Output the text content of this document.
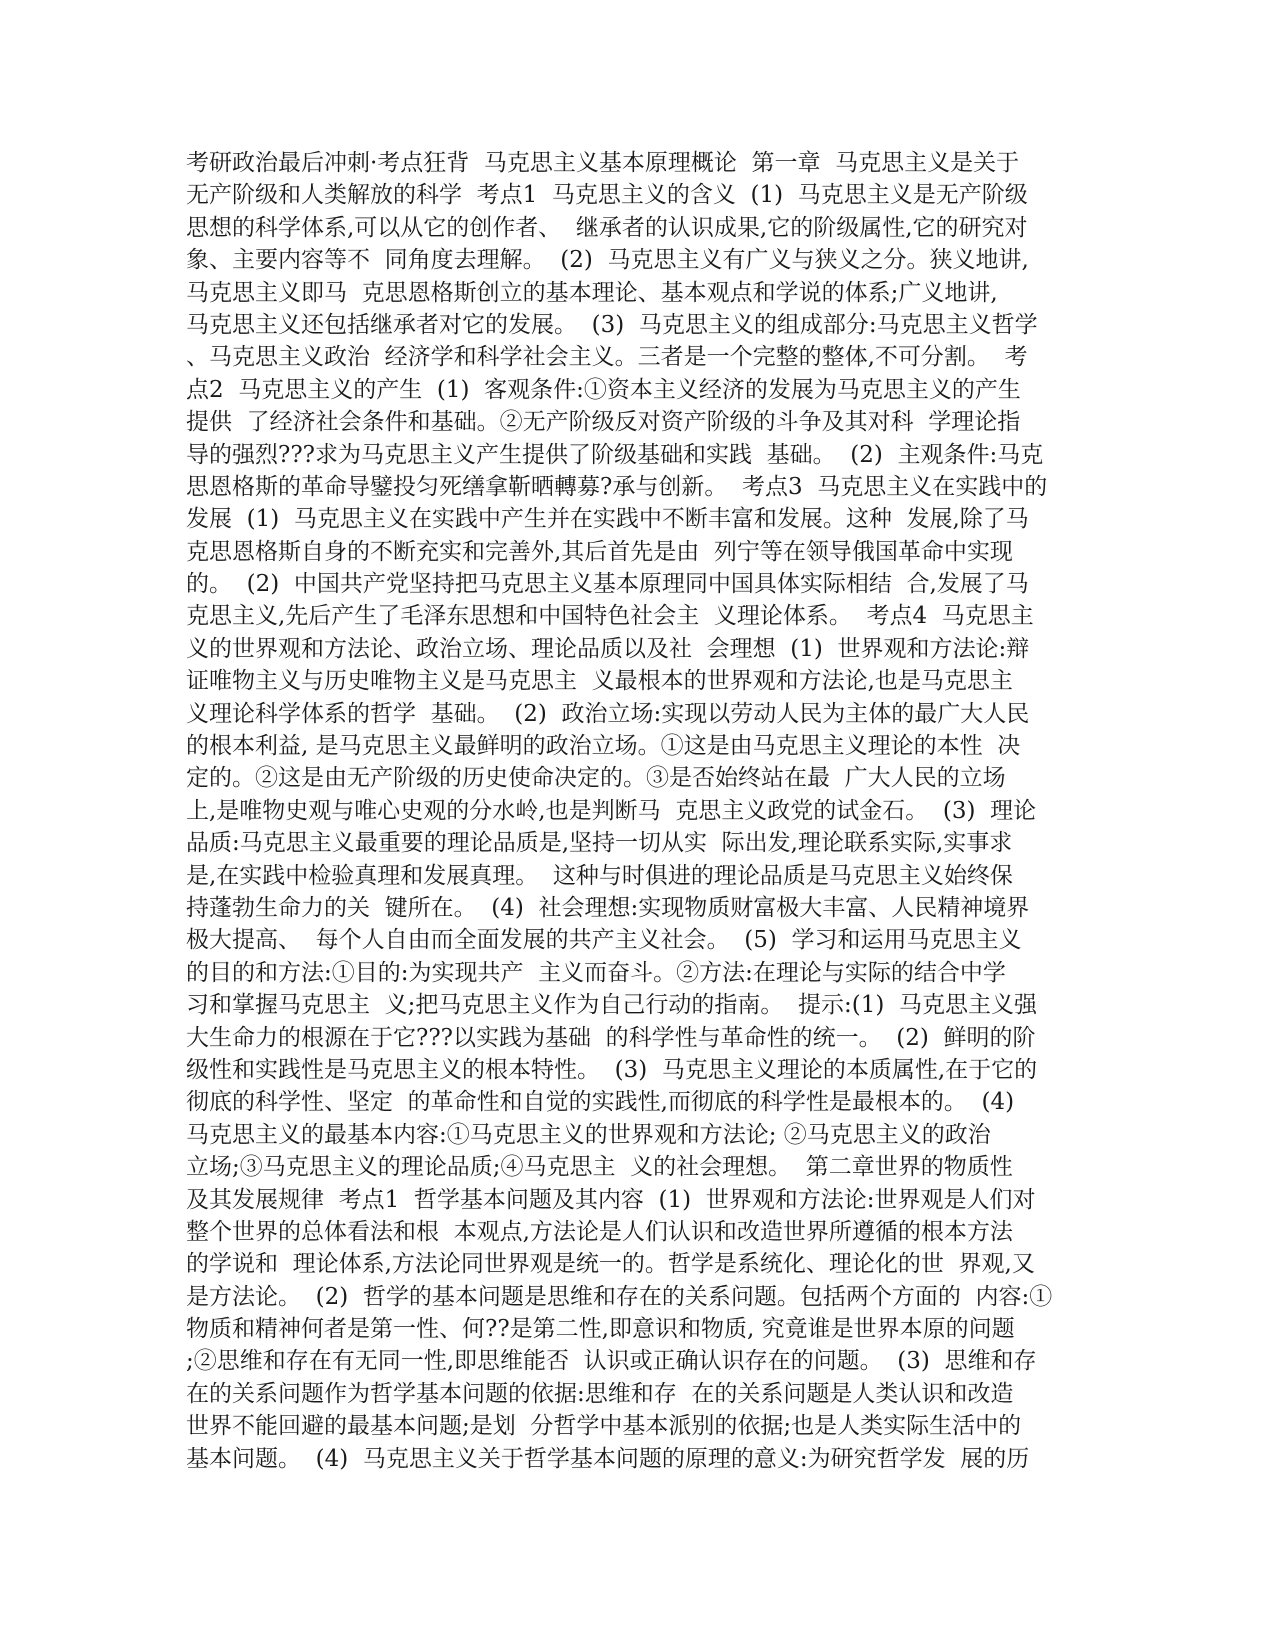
考研政治最后冲刺·考点狂背  马克思主义基本原理概论  第一章  马克思主义是关于
无产阶级和人类解放的科学  考点1  马克思主义的含义  (1)  马克思主义是无产阶级
思想的科学体系,可以从它的创作者、  继承者的认识成果,它的阶级属性,它的研究对
象、主要内容等不  同角度去理解。  (2)  马克思主义有广义与狭义之分。狭义地讲,
马克思主义即马  克思恩格斯创立的基本理论、基本观点和学说的体系;广义地讲,
马克思主义还包括继承者对它的发展。  (3)  马克思主义的组成部分:马克思主义哲学
、马克思主义政治  经济学和科学社会主义。三者是一个完整的整体,不可分割。  考
点2  马克思主义的产生  (1)  客观条件:①资本主义经济的发展为马克思主义的产生
提供  了经济社会条件和基础。②无产阶级反对资产阶级的斗争及其对科  学理论指
导的强烈???求为马克思主义产生提供了阶级基础和实践  基础。  (2)  主观条件:马克
思恩格斯的革命导鐾投匀死缮拿靳晒轉募?承与创新。  考点3  马克思主义在实践中的
发展  (1)  马克思主义在实践中产生并在实践中不断丰富和发展。这种  发展,除了马
克思恩格斯自身的不断充实和完善外,其后首先是由  列宁等在领导俄国革命中实现
的。  (2)  中国共产党坚持把马克思主义基本原理同中国具体实际相结  合,发展了马
克思主义,先后产生了毛泽东思想和中国特色社会主  义理论体系。  考点4  马克思主
义的世界观和方法论、政治立场、理论品质以及社  会理想  (1)  世界观和方法论:辩
证唯物主义与历史唯物主义是马克思主  义最根本的世界观和方法论,也是马克思主
义理论科学体系的哲学  基础。  (2)  政治立场:实现以劳动人民为主体的最广大人民
的根本利益, 是马克思主义最鲜明的政治立场。①这是由马克思主义理论的本性  决
定的。②这是由无产阶级的历史使命决定的。③是否始终站在最  广大人民的立场
上,是唯物史观与唯心史观的分水岭,也是判断马  克思主义政党的试金石。  (3)  理论
品质:马克思主义最重要的理论品质是,坚持一切从实  际出发,理论联系实际,实事求
是,在实践中检验真理和发展真理。  这种与时俱进的理论品质是马克思主义始终保
持蓬勃生命力的关  键所在。  (4)  社会理想:实现物质财富极大丰富、人民精神境界
极大提高、  每个人自由而全面发展的共产主义社会。  (5)  学习和运用马克思主义
的目的和方法:①目的:为实现共产  主义而奋斗。②方法:在理论与实际的结合中学
习和掌握马克思主  义;把马克思主义作为自己行动的指南。  提示:(1)  马克思主义强
大生命力的根源在于它???以实践为基础  的科学性与革命性的统一。  (2)  鲜明的阶
级性和实践性是马克思主义的根本特性。  (3)  马克思主义理论的本质属性,在于它的
彻底的科学性、坚定  的革命性和自觉的实践性,而彻底的科学性是最根本的。  (4)
马克思主义的最基本内容:①马克思主义的世界观和方法论; ②马克思主义的政治
立场;③马克思主义的理论品质;④马克思主  义的社会理想。  第二章世界的物质性
及其发展规律  考点1  哲学基本问题及其内容  (1)  世界观和方法论:世界观是人们对
整个世界的总体看法和根  本观点,方法论是人们认识和改造世界所遵循的根本方法
的学说和  理论体系,方法论同世界观是统一的。哲学是系统化、理论化的世  界观,又
是方法论。  (2)  哲学的基本问题是思维和存在的关系问题。包括两个方面的  内容:①
物质和精神何者是第一性、何??是第二性,即意识和物质, 究竟谁是世界本原的问题
;②思维和存在有无同一性,即思维能否  认识或正确认识存在的问题。  (3)  思维和存
在的关系问题作为哲学基本问题的依据:思维和存  在的关系问题是人类认识和改造
世界不能回避的最基本问题;是划  分哲学中基本派别的依据;也是人类实际生活中的
基本问题。  (4)  马克思主义关于哲学基本问题的原理的意义:为研究哲学发  展的历
